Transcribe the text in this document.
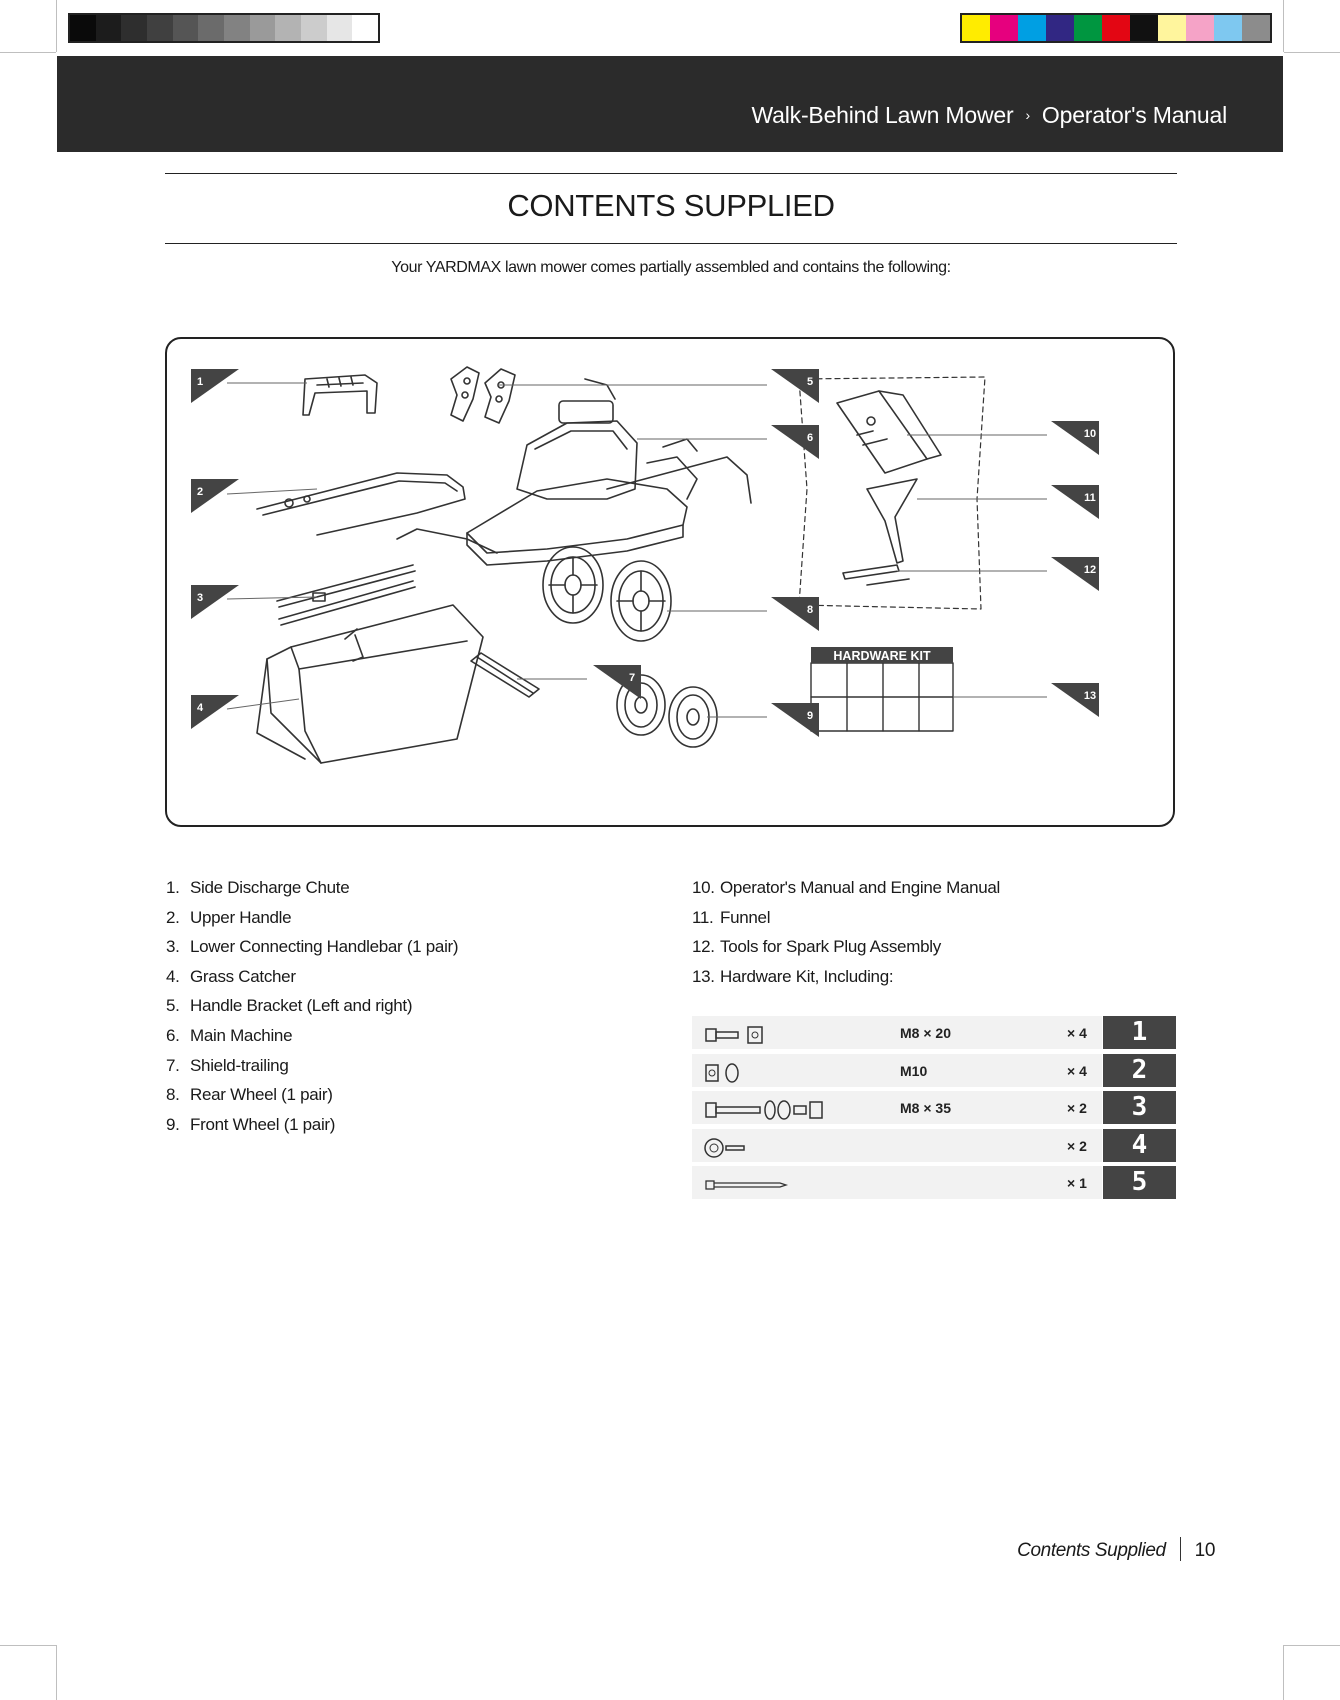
Walk-Behind Lawn Mower › Operator's Manual
CONTENTS SUPPLIED
Your YARDMAX lawn mower comes partially assembled and contains the following:
HARDWARE KIT
1
2
3
4
5
6
7
8
9
10
11
12
13
1. Side Discharge Chute
2. Upper Handle
3. Lower Connecting Handlebar (1 pair)
4. Grass Catcher
5. Handle Bracket (Left and right)
6. Main Machine
7. Shield-trailing
8. Rear Wheel (1 pair)
9. Front Wheel (1 pair)
10. Operator's Manual and Engine Manual
11. Funnel
12. Tools for Spark Plug Assembly
13. Hardware Kit, Including:
M8 × 20	× 4	1
M10	× 4	2
M8 × 35	× 2	3
× 2	4
× 1	5
Contents Supplied 10
